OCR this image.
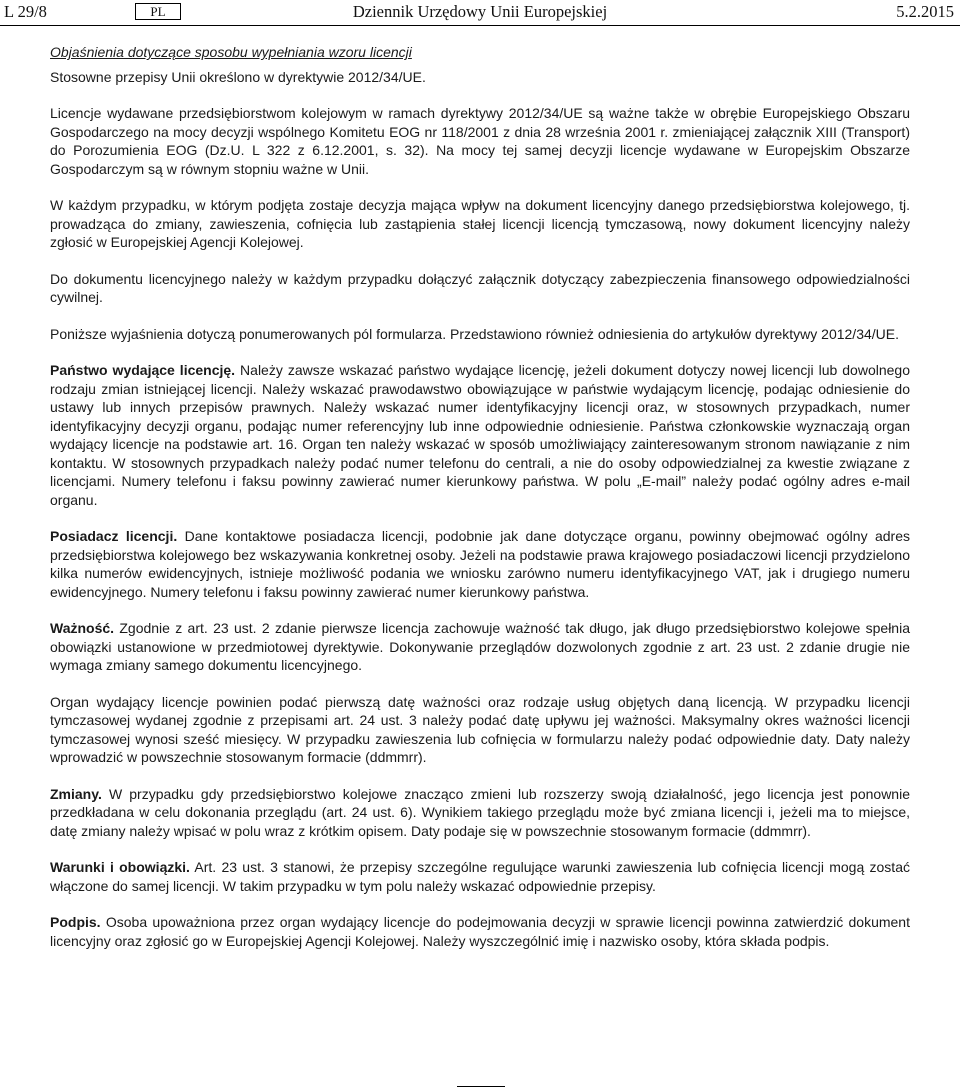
L 29/8	PL	Dziennik Urzędowy Unii Europejskiej	5.2.2015
Objaśnienia dotyczące sposobu wypełniania wzoru licencji

Stosowne przepisy Unii określono w dyrektywie 2012/34/UE.

Licencje wydawane przedsiębiorstwom kolejowym w ramach dyrektywy 2012/34/UE są ważne także w obrębie Europejskiego Obszaru Gospodarczego na mocy decyzji wspólnego Komitetu EOG nr 118/2001 z dnia 28 września 2001 r. zmieniającej załącznik XIII (Transport) do Porozumienia EOG (Dz.U. L 322 z 6.12.2001, s. 32). Na mocy tej samej decyzji licencje wydawane w Europejskim Obszarze Gospodarczym są w równym stopniu ważne w Unii.

W każdym przypadku, w którym podjęta zostaje decyzja mająca wpływ na dokument licencyjny danego przedsiębiorstwa kolejowego, tj. prowadząca do zmiany, zawieszenia, cofnięcia lub zastąpienia stałej licencji licencją tymczasową, nowy dokument licencyjny należy zgłosić w Europejskiej Agencji Kolejowej.

Do dokumentu licencyjnego należy w każdym przypadku dołączyć załącznik dotyczący zabezpieczenia finansowego odpowiedzialności cywilnej.

Poniższe wyjaśnienia dotyczą ponumerowanych pól formularza. Przedstawiono również odniesienia do artykułów dyrektywy 2012/34/UE.

Państwo wydające licencję. Należy zawsze wskazać państwo wydające licencję, jeżeli dokument dotyczy nowej licencji lub dowolnego rodzaju zmian istniejącej licencji. Należy wskazać prawodawstwo obowiązujące w państwie wydającym licencję, podając odniesienie do ustawy lub innych przepisów prawnych. Należy wskazać numer identyfikacyjny licencji oraz, w stosownych przypadkach, numer identyfikacyjny decyzji organu, podając numer referencyjny lub inne odpowiednie odniesienie. Państwa członkowskie wyznaczają organ wydający licencje na podstawie art. 16. Organ ten należy wskazać w sposób umożliwiający zainteresowanym stronom nawiązanie z nim kontaktu. W stosownych przypadkach należy podać numer telefonu do centrali, a nie do osoby odpowiedzialnej za kwestie związane z licencjami. Numery telefonu i faksu powinny zawierać numer kierunkowy państwa. W polu „E-mail” należy podać ogólny adres e-mail organu.

Posiadacz licencji. Dane kontaktowe posiadacza licencji, podobnie jak dane dotyczące organu, powinny obejmować ogólny adres przedsiębiorstwa kolejowego bez wskazywania konkretnej osoby. Jeżeli na podstawie prawa krajowego posiadaczowi licencji przydzielono kilka numerów ewidencyjnych, istnieje możliwość podania we wniosku zarówno numeru identyfikacyjnego VAT, jak i drugiego numeru ewidencyjnego. Numery telefonu i faksu powinny zawierać numer kierunkowy państwa.

Ważność. Zgodnie z art. 23 ust. 2 zdanie pierwsze licencja zachowuje ważność tak długo, jak długo przedsiębiorstwo kolejowe spełnia obowiązki ustanowione w przedmiotowej dyrektywie. Dokonywanie przeglądów dozwolonych zgodnie z art. 23 ust. 2 zdanie drugie nie wymaga zmiany samego dokumentu licencyjnego.

Organ wydający licencje powinien podać pierwszą datę ważności oraz rodzaje usług objętych daną licencją. W przypadku licencji tymczasowej wydanej zgodnie z przepisami art. 24 ust. 3 należy podać datę upływu jej ważności. Maksymalny okres ważności licencji tymczasowej wynosi sześć miesięcy. W przypadku zawieszenia lub cofnięcia w formularzu należy podać odpowiednie daty. Daty należy wprowadzić w powszechnie stosowanym formacie (ddmmrr).

Zmiany. W przypadku gdy przedsiębiorstwo kolejowe znacząco zmieni lub rozszerzy swoją działalność, jego licencja jest ponownie przedkładana w celu dokonania przeglądu (art. 24 ust. 6). Wynikiem takiego przeglądu może być zmiana licencji i, jeżeli ma to miejsce, datę zmiany należy wpisać w polu wraz z krótkim opisem. Daty podaje się w powszechnie stosowanym formacie (ddmmrr).

Warunki i obowiązki. Art. 23 ust. 3 stanowi, że przepisy szczególne regulujące warunki zawieszenia lub cofnięcia licencji mogą zostać włączone do samej licencji. W takim przypadku w tym polu należy wskazać odpowiednie przepisy.

Podpis. Osoba upoważniona przez organ wydający licencje do podejmowania decyzji w sprawie licencji powinna zatwierdzić dokument licencyjny oraz zgłosić go w Europejskiej Agencji Kolejowej. Należy wyszczególnić imię i nazwisko osoby, która składa podpis.
